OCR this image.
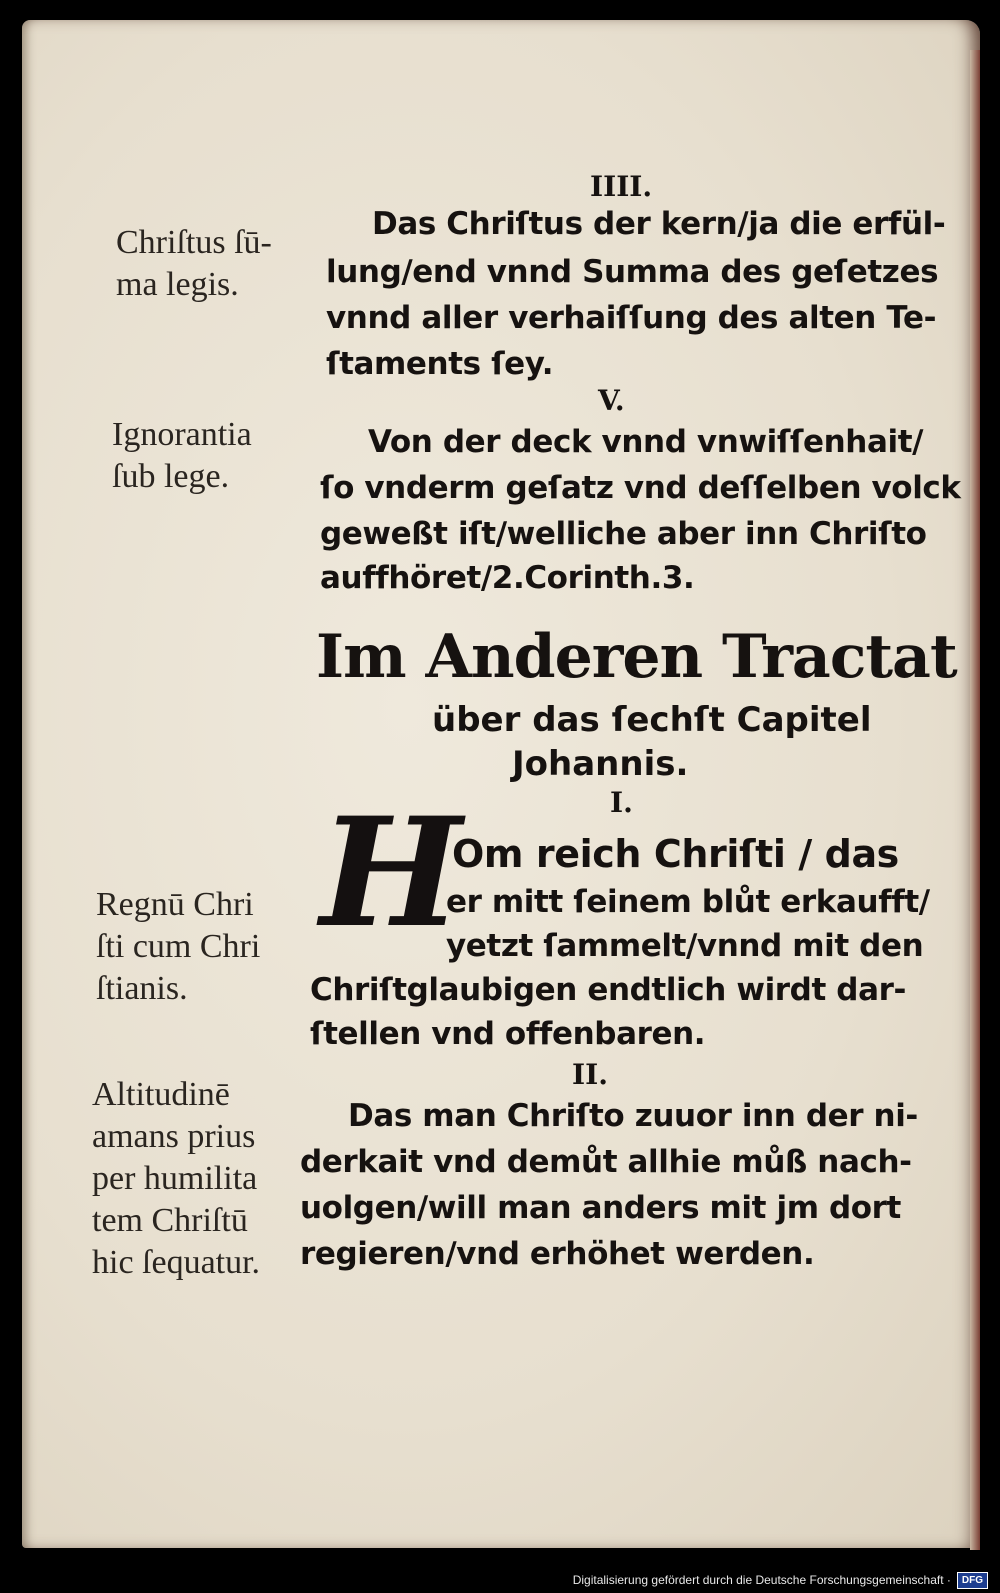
IIII.
Chriſtus ſū-
ma legis.
Das Chriſtus der kern/ja die erfül-
lung/end vnnd Summa des geſetzes
vnnd aller verhaiſſung des alten Te-
ſtaments ſey.
V.
Ignorantia
ſub lege.
Von der deck vnnd vnwiſſenhait/
ſo vnderm geſatz vnd deſſelben volck
geweßt iſt/welliche aber inn Chriſto
auffhöret/2.Corinth.3.
Im Anderen Tractat
über das ſechſt Capitel
Johannis.
I.
H
Om reich Chriſti / das
Regnū Chri
ſti cum Chri
ſtianis.
er mitt ſeinem blůt erkaufft/
yetzt ſammelt/vnnd mit den
Chriſtglaubigen endtlich wirdt dar-
ſtellen vnd offenbaren.
II.
Altitudinē
amans prius
per humilita
tem Chriſtū
hic ſequatur.
Das man Chriſto zuuor inn der ni-
derkait vnd demůt allhie můß nach-
uolgen/will man anders mit jm dort
regieren/vnd erhöhet werden.
Digitalisierung gefördert durch die Deutsche Forschungsgemeinschaft ·	DFG
